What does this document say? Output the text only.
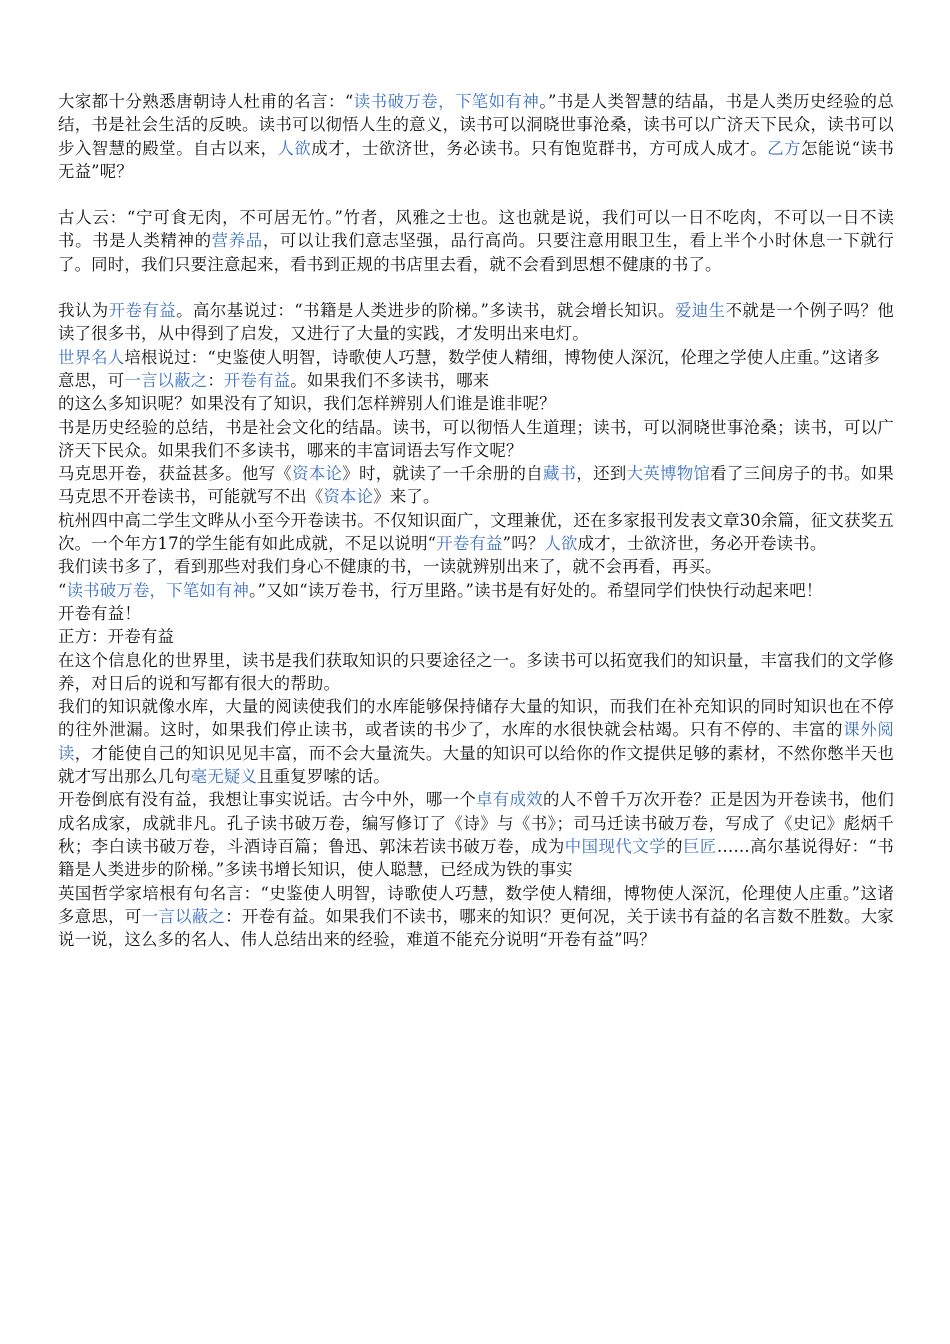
大家都十分熟悉唐朝诗人杜甫的名言：“读书破万卷，下笔如有神。”书是人类智慧的结晶，书是人类历史经验的总结，书是社会生活的反映。读书可以彻悟人生的意义，读书可以洞晓世事沧桑，读书可以广济天下民众，读书可以步入智慧的殿堂。自古以来，人欲成才，士欲济世，务必读书。只有饱览群书，方可成人成才。乙方怎能说“读书无益”呢？

古人云：“宁可食无肉，不可居无竹。”竹者，风雅之士也。这也就是说，我们可以一日不吃肉，不可以一日不读书。书是人类精神的营养品，可以让我们意志坚强，品行高尚。只要注意用眼卫生，看上半个小时休息一下就行了。同时，我们只要注意起来，看书到正规的书店里去看，就不会看到思想不健康的书了。

我认为开卷有益。高尔基说过：“书籍是人类进步的阶梯。”多读书，就会增长知识。爱迪生不就是一个例子吗？他读了很多书，从中得到了启发，又进行了大量的实践，才发明出来电灯。

世界名人培根说过：“史鉴使人明智，诗歌使人巧慧，数学使人精细，博物使人深沉，伦理之学使人庄重。”这诸多意思，可一言以蔽之：开卷有益。如果我们不多读书，哪来
的这么多知识呢？如果没有了知识，我们怎样辨别人们谁是谁非呢？

书是历史经验的总结，书是社会文化的结晶。读书，可以彻悟人生道理；读书，可以洞晓世事沧桑；读书，可以广济天下民众。如果我们不多读书，哪来的丰富词语去写作文呢？

马克思开卷，获益甚多。他写《资本论》时，就读了一千余册的自藏书，还到大英博物馆看了三间房子的书。如果马克思不开卷读书，可能就写不出《资本论》来了。

杭州四中高二学生文晔从小至今开卷读书。不仅知识面广，文理兼优，还在多家报刊发表文章30余篇，征文获奖五次。一个年方17的学生能有如此成就，不足以说明“开卷有益”吗？人欲成才，士欲济世，务必开卷读书。

我们读书多了，看到那些对我们身心不健康的书，一读就辨别出来了，就不会再看，再买。

“读书破万卷，下笔如有神。”又如“读万卷书，行万里路。”读书是有好处的。希望同学们快快行动起来吧！

开卷有益！

正方：开卷有益

在这个信息化的世界里，读书是我们获取知识的只要途径之一。多读书可以拓宽我们的知识量，丰富我们的文学修养，对日后的说和写都有很大的帮助。

我们的知识就像水库，大量的阅读使我们的水库能够保持储存大量的知识，而我们在补充知识的同时知识也在不停的往外泄漏。这时，如果我们停止读书，或者读的书少了，水库的水很快就会枯竭。只有不停的、丰富的课外阅读，才能使自己的知识见见丰富，而不会大量流失。大量的知识可以给你的作文提供足够的素材，不然你憋半天也就才写出那么几句毫无疑义且重复罗嗦的话。

开卷倒底有没有益，我想让事实说话。古今中外，哪一个卓有成效的人不曾千万次开卷？正是因为开卷读书，他们成名成家，成就非凡。孔子读书破万卷，编写修订了《诗》与《书》；司马迁读书破万卷，写成了《史记》彪炳千秋；李白读书破万卷，斗酒诗百篇；鲁迅、郭沫若读书破万卷，成为中国现代文学的巨匠……高尔基说得好：“书籍是人类进步的阶梯。”多读书增长知识，使人聪慧，已经成为铁的事实
英国哲学家培根有句名言：“史鉴使人明智，诗歌使人巧慧，数学使人精细，博物使人深沉，伦理使人庄重。”这诸多意思，可一言以蔽之：开卷有益。如果我们不读书，哪来的知识？更何况，关于读书有益的名言数不胜数。大家说一说，这么多的名人、伟人总结出来的经验，难道不能充分说明“开卷有益”吗？
